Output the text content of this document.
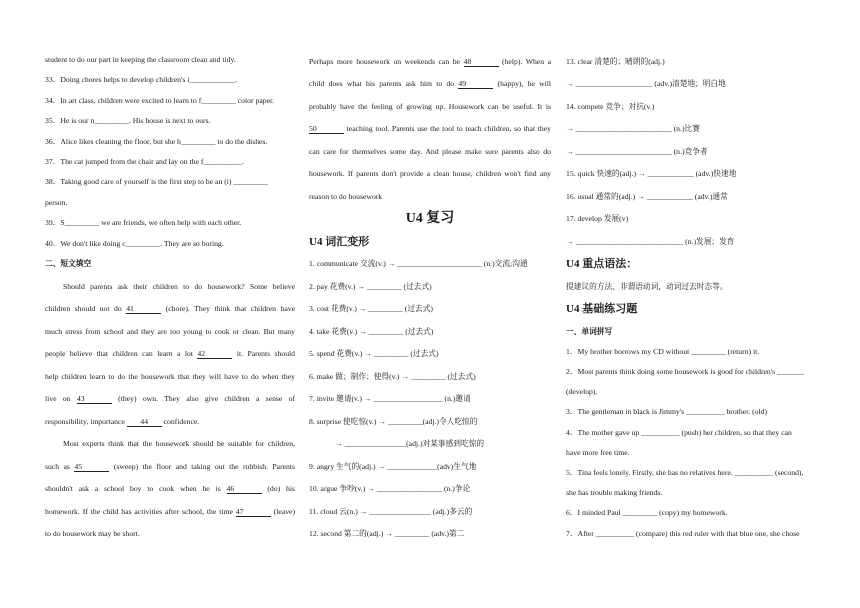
student to do our part in keeping the classroom clean and tidy.
33．Doing chores helps to develop children's i____________.
34．In art class, children were excited to learn to f_________ color paper.
35．He is our n_________. His house is next to ours.
36．Alice likes cleaning the floor, but she h_________ to do the dishes.
37．The cat jumped from the chair and lay on the f__________.
38．Taking good care of yourself is the first step to be an (i) _________
person.
39．S_________ we are friends, we often help with each other.
40．We don't like doing c_________. They are so boring.
二、短文填空
Should parents ask their children to do housework? Some believe
children should not do 41	(chore). They think that children have
much stress from school and they are too young to cook or clean. But many
people believe that children can learn a lot 42	it. Parents should
help children learn to do the housework that they will have to do when they
live on 43	(they) own. They also give children a sense of
responsibility, importance 44 confidence.
Most experts think that the housework should be suitable for children,
such as 45	(sweep) the floor and taking out the rubbish. Parents
shouldn't ask a school boy to cook when he is 46	(do) his
homework. If the child has activities after school, the time 47	(leave)
to do housework may be short.
Perhaps more housework on weekends can be 48	(help). When a
child does what his parents ask him to do 49	(happy), he will
probably have the feeling of growing up. Housework can be useful. It is
50	teaching tool. Parents use the tool to teach children, so that they
can care for themselves some day. And please make sure parents also do
housework. If parents don't provide a clean house, children won't find any
reason to do housework
U4 复习
U4 词汇变形
1. communicate 交流(v.) → ______________________ (n.)交流;沟通
2. pay 花费(v.) → _________ (过去式)
3. cost 花费(v.) → _________ (过去式)
4. take 花费(v.) → _________ (过去式)
5. spend 花费(v.) → _________ (过去式)
6. make 做；制作；使得(v.) → _________ (过去式)
7. invite 邀请(v.) → __________________ (n.)邀请
8. surprise 使吃惊(v.) → _________(adj.)令人吃惊的
→ ________________(adj.)对某事感到吃惊的
9. angry 生气的(adj.) → _____________(adv)生气地
10. argue 争吵(v.) → _________________ (n.)争论
11. cloud 云(n.) → ________________ (adj.)多云的
12. second 第二的(adj.) → _________ (adv.)第二
13. clear 清楚的；晴朗的(adj.)
→ ____________________ (adv.)清楚地；明白地
14. compete 竞争；对抗(v.)
→ _________________________ (n.)比赛
→ _________________________ (n.)竞争者
15. quick 快速的(adj.) → ____________ (adv.)快速地
16. usual 通常的(adj.) → ____________ (adv.)通常
17. develop 发展(v)
→ ____________________________ (n.)发展；发育
U4 重点语法：
提建议的方法、非谓语动词，动词过去时态等。
U4 基础练习题
一、单词拼写
1．My brother borrows my CD without _________ (return) it.
2．Most parents think doing some housework is good for children's _______
(develop).
3．The gentleman in black is Jimmy's __________ brother. (old)
4．The mother gave up __________ (push) her children, so that they can
have more free time.
5．Tina feels lonely. Firstly, she has no relatives here. __________ (second),
she has trouble making friends.
6．I minded Paul _________ (copy) my homework.
7．After __________ (compare) this red ruler with that blue one, she chose
